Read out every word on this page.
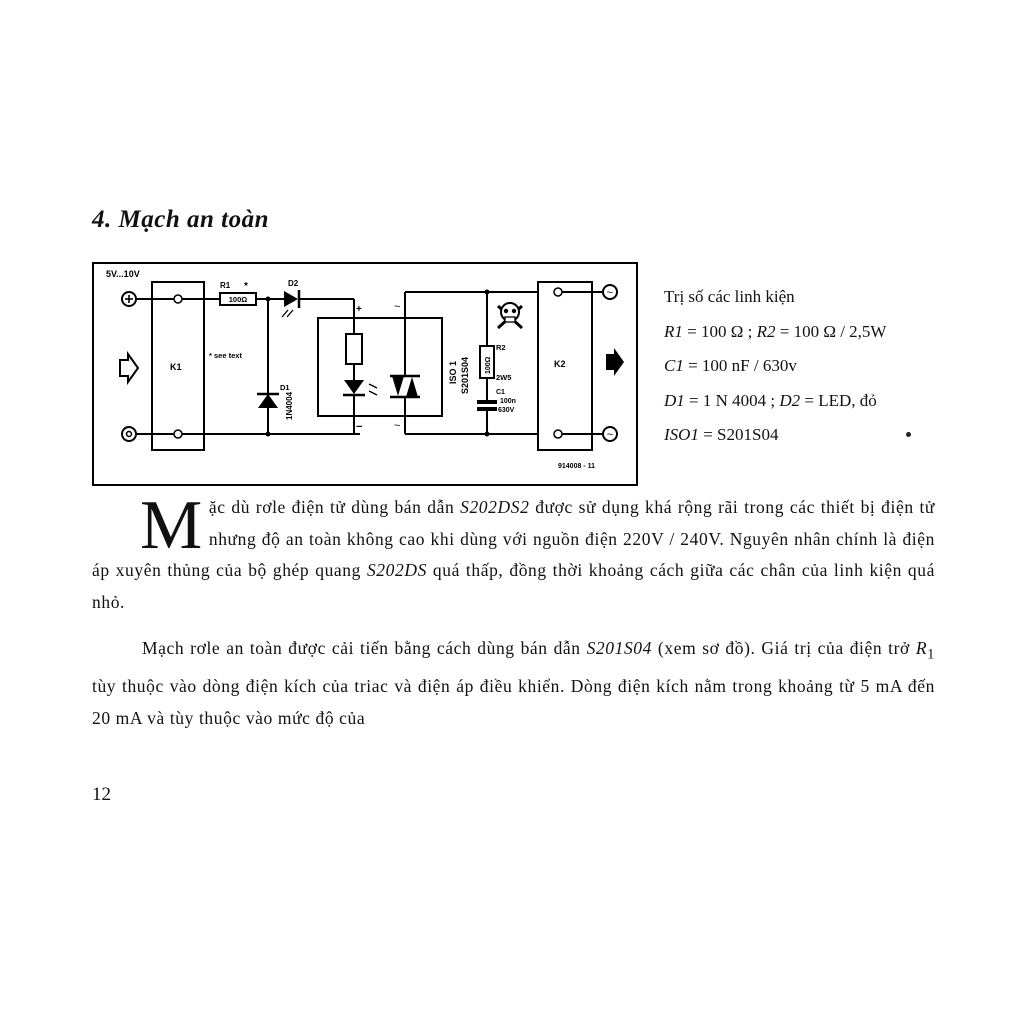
4. Mạch an toàn
5V...10V
K1
* see text
R1 *
100Ω
D2
D1
1N4004
+
−
~
~
ISO 1 S201S04
R2
100Ω
2W5
C1
100n
630V
K2
~
~
914008 - 11
Trị số các linh kiện
R1 = 100 Ω ; R2 = 100 Ω / 2,5W
C1 = 100 nF / 630v
D1 = 1 N 4004 ; D2 = LED, đỏ
ISO1 = S201S04

Mặc dù rơle điện tử dùng bán dẫn S202DS2 được sử dụng khá rộng rãi trong các thiết bị điện tử nhưng độ an toàn không cao khi dùng với nguồn điện 220V / 240V. Nguyên nhân chính là điện áp xuyên thủng của bộ ghép quang S202DS quá thấp, đồng thời khoảng cách giữa các chân của linh kiện quá nhỏ.

Mạch rơle an toàn được cải tiến bằng cách dùng bán dẫn S201S04 (xem sơ đồ). Giá trị của điện trở $R_1$ tùy thuộc vào dòng điện kích của triac và điện áp điều khiển. Dòng điện kích nằm trong khoảng từ 5 mA đến 20 mA và tùy thuộc vào mức độ của

12
